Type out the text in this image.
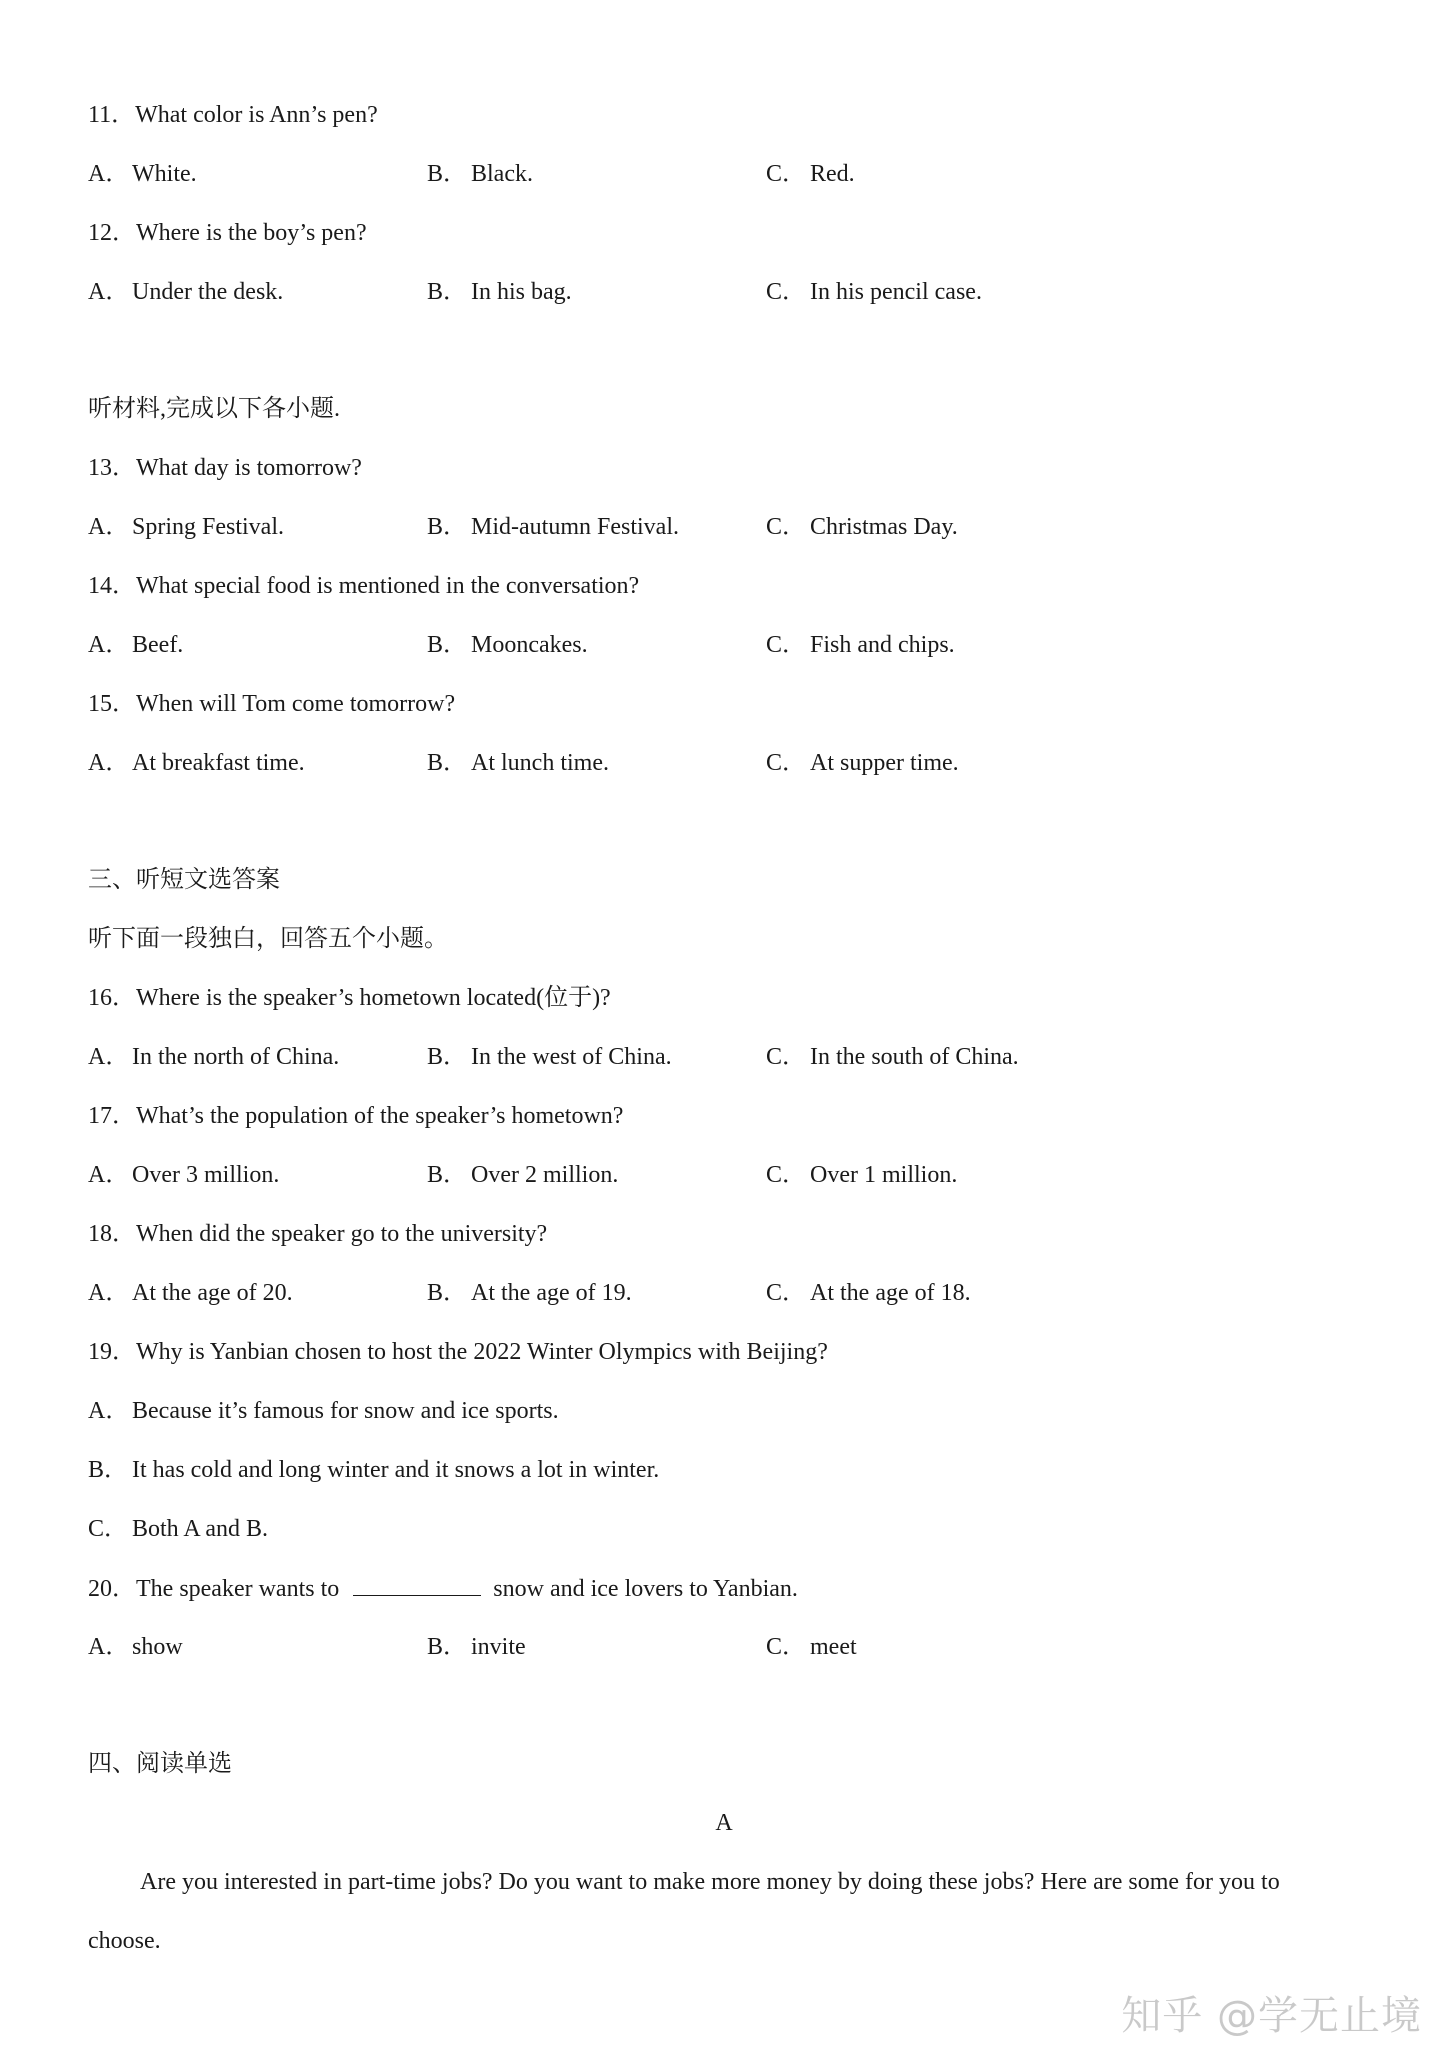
11．What color is Ann’s pen?
A． White.	B． Black.	C． Red.
12．Where is the boy’s pen?
A． Under the desk.	B． In his bag.	C． In his pencil case.
听材料,完成以下各小题.
13．What day is tomorrow?
A． Spring Festival.	B． Mid-autumn Festival.	C． Christmas Day.
14．What special food is mentioned in the conversation?
A． Beef.	B． Mooncakes.	C． Fish and chips.
15．When will Tom come tomorrow?
A． At breakfast time.	B． At lunch time.	C． At supper time.
三、听短文选答案
听下面一段独白，回答五个小题。
16．Where is the speaker’s hometown located(位于)?
A． In the north of China.	B． In the west of China.	C． In the south of China.
17．What’s the population of the speaker’s hometown?
A． Over 3 million.	B． Over 2 million.	C． Over 1 million.
18．When did the speaker go to the university?
A． At the age of 20.	B． At the age of 19.	C． At the age of 18.
19．Why is Yanbian chosen to host the 2022 Winter Olympics with Beijing?
A． Because it’s famous for snow and ice sports.
B． It has cold and long winter and it snows a lot in winter.
C． Both A and B.
20．The speaker wants to	snow and ice lovers to Yanbian.
A． show	B． invite	C． meet
四、阅读单选
A
Are you interested in part-time jobs? Do you want to make more money by doing these jobs? Here are some for you to
choose.
知乎 @学无止境
